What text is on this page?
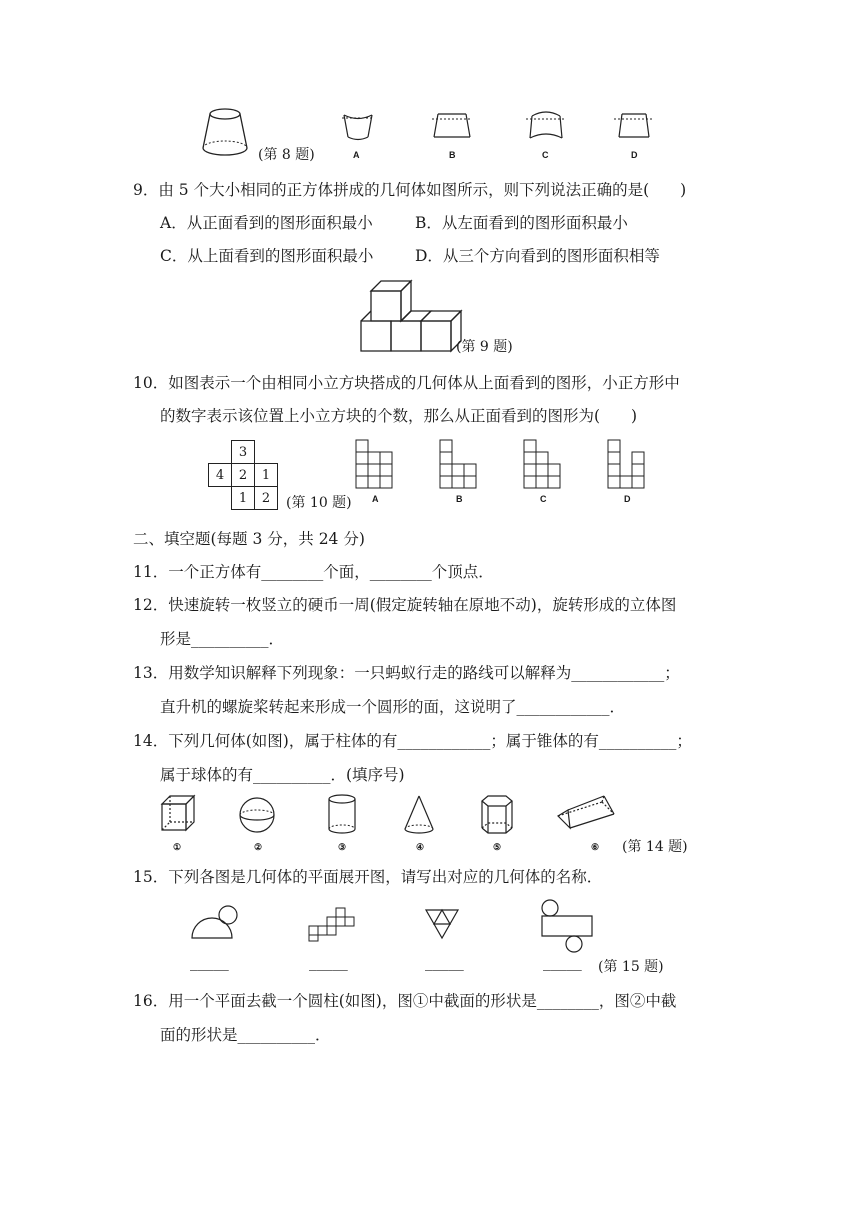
(第 8 题)	A	B	C	D
9．由 5 个大小相同的正方体拼成的几何体如图所示，则下列说法正确的是(　　)
A．从正面看到的图形面积最小	B．从左面看到的图形面积最小
C．从上面看到的图形面积最小	D．从三个方向看到的图形面积相等
(第 9 题)
10．如图表示一个由相同小立方块搭成的几何体从上面看到的图形，小正方形中
的数字表示该位置上小立方块的个数，那么从正面看到的图形为(　　)
	3		
4	2	1	
	1	2		A	B	C	D
(第 10 题)
二、填空题(每题 3 分，共 24 分)
11．一个正方体有________个面，________个顶点．
12．快速旋转一枚竖立的硬币一周(假定旋转轴在原地不动)，旋转形成的立体图
形是__________．
13．用数学知识解释下列现象：一只蚂蚁行走的路线可以解释为____________；
直升机的螺旋桨转起来形成一个圆形的面，这说明了____________．
14．下列几何体(如图)，属于柱体的有____________；属于锥体的有__________；
属于球体的有__________．(填序号)
①	②	③	④	⑤	⑥ (第 14 题)
15．下列各图是几何体的平面展开图，请写出对应的几何体的名称．
_____	_____	_____	_____ (第 15 题)
16．用一个平面去截一个圆柱(如图)，图①中截面的形状是________，图②中截
面的形状是__________．
